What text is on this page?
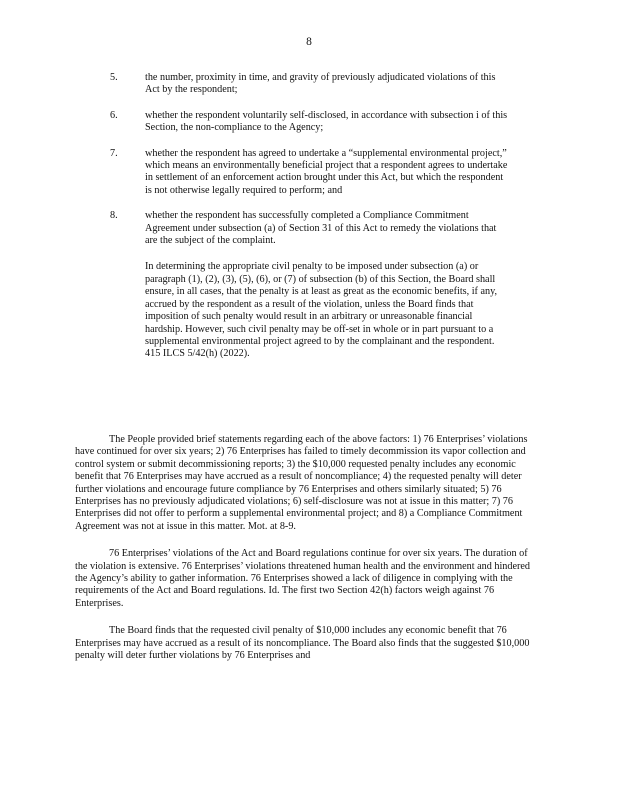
8
5.	the number, proximity in time, and gravity of previously adjudicated violations of this Act by the respondent;

6.	whether the respondent voluntarily self-disclosed, in accordance with subsection i of this Section, the non-compliance to the Agency;

7.	whether the respondent has agreed to undertake a “supplemental environmental project,” which means an environmentally beneficial project that a respondent agrees to undertake in settlement of an enforcement action brought under this Act, but which the respondent is not otherwise legally required to perform; and

8.	whether the respondent has successfully completed a Compliance Commitment Agreement under subsection (a) of Section 31 of this Act to remedy the violations that are the subject of the complaint.

In determining the appropriate civil penalty to be imposed under subsection (a) or paragraph (1), (2), (3), (5), (6), or (7) of subsection (b) of this Section, the Board shall ensure, in all cases, that the penalty is at least as great as the economic benefits, if any, accrued by the respondent as a result of the violation, unless the Board finds that imposition of such penalty would result in an arbitrary or unreasonable financial hardship. However, such civil penalty may be off-set in whole or in part pursuant to a supplemental environmental project agreed to by the complainant and the respondent. 415 ILCS 5/42(h) (2022).

The People provided brief statements regarding each of the above factors: 1) 76 Enterprises’ violations have continued for over six years; 2) 76 Enterprises has failed to timely decommission its vapor collection and control system or submit decommissioning reports; 3) the $10,000 requested penalty includes any economic benefit that 76 Enterprises may have accrued as a result of noncompliance; 4) the requested penalty will deter further violations and encourage future compliance by 76 Enterprises and others similarly situated; 5) 76 Enterprises has no previously adjudicated violations; 6) self-disclosure was not at issue in this matter; 7) 76 Enterprises did not offer to perform a supplemental environmental project; and 8) a Compliance Commitment Agreement was not at issue in this matter. Mot. at 8-9.

76 Enterprises’ violations of the Act and Board regulations continue for over six years. The duration of the violation is extensive. 76 Enterprises’ violations threatened human health and the environment and hindered the Agency’s ability to gather information. 76 Enterprises showed a lack of diligence in complying with the requirements of the Act and Board regulations. Id. The first two Section 42(h) factors weigh against 76 Enterprises.

The Board finds that the requested civil penalty of $10,000 includes any economic benefit that 76 Enterprises may have accrued as a result of its noncompliance. The Board also finds that the suggested $10,000 penalty will deter further violations by 76 Enterprises and
